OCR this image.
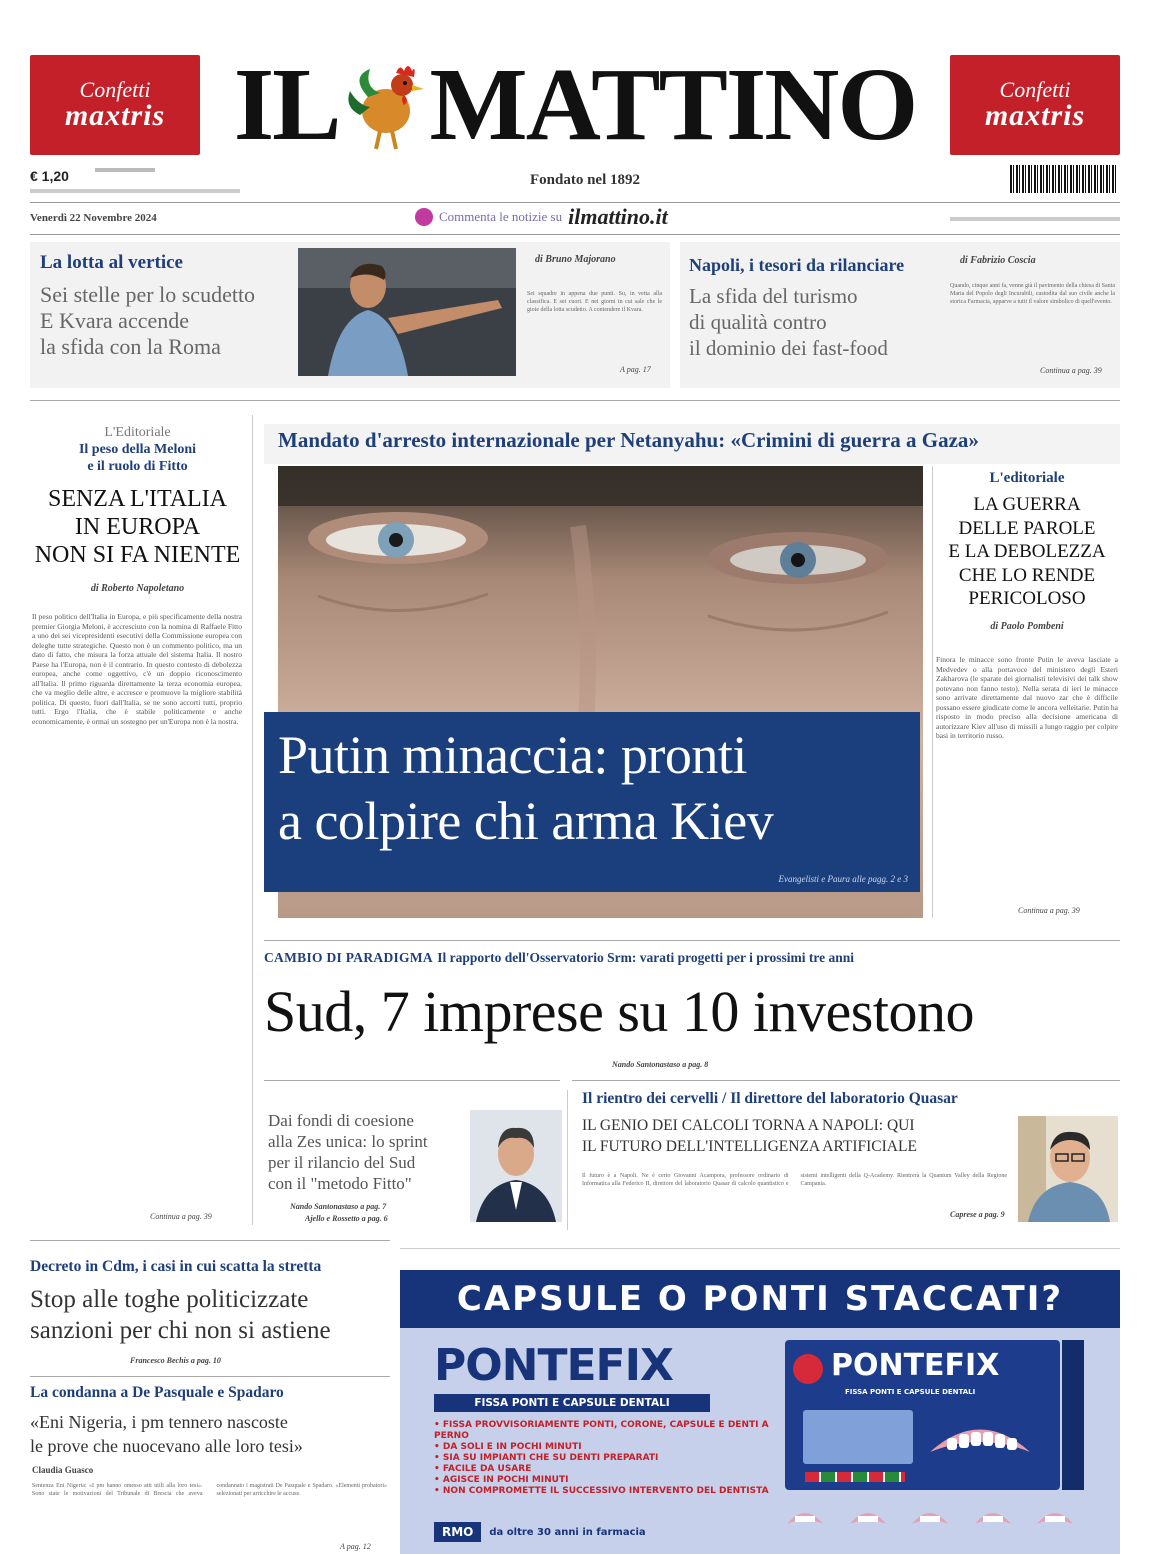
Confetti
maxtris
Confetti
maxtris
IL MATTINO
€ 1,20	Fondato nel 1892
Venerdì 22 Novembre 2024	Commenta le notizie su ilmattino.it
La lotta al vertice
Sei stelle per lo scudetto
E Kvara accende
la sfida con la Roma
di Bruno Majorano
Sei squadre in appena due punti. Su, in vetta alla classifica. E sei cuori. E nei giorni in cui sale che le gioie della lotta scudetto. A contendere il Kvara.
A pag. 17
Napoli, i tesori da rilanciare
La sfida del turismo
di qualità contro
il dominio dei fast-food
di Fabrizio Coscia
Quando, cinque anni fa, venne già il pavimento della chiesa di Santa Maria del Popolo degli Incurabili, custodita dal suo civile anche la storica Farmacia, apparve a tutti il valore simbolico di quell'evento.
Continua a pag. 39
L'Editoriale
Il peso della Meloni
e il ruolo di Fitto
SENZA L'ITALIA
IN EUROPA
NON SI FA NIENTE
di Roberto Napoletano
Il peso politico dell'Italia in Europa, e più specificamente della nostra premier Giorgia Meloni, è accresciuto con la nomina di Raffaele Fitto a uno dei sei vicepresidenti esecutivi della Commissione europea con deleghe tutte strategiche. Questo non è un commento politico, ma un dato di fatto, che misura la forza attuale del sistema Italia. Il nostro Paese ha l'Europa, non è il contrario. In questo contesto di debolezza europea, anche come oggettivo, c'è un doppio riconoscimento all'Italia. Il primo riguarda direttamente la terza economia europea, che va meglio delle altre, e accresce e promuove la migliore stabilità politica. Di questo, fuori dall'Italia, se ne sono accorti tutti, proprio tutti. Ergo l'Italia, che è stabile politicamente e anche economicamente, è ormai un sostegno per un'Europa non è la nostra.
Continua a pag. 39
Mandato d'arresto internazionale per Netanyahu: «Crimini di guerra a Gaza»
Putin minaccia: pronti
a colpire chi arma Kiev
Evangelisti e Paura alle pagg. 2 e 3
L'editoriale
LA GUERRA
DELLE PAROLE
E LA DEBOLEZZA
CHE LO RENDE
PERICOLOSO
di Paolo Pombeni
Finora le minacce sono fronte Putin le aveva lasciate a Medvedev o alla portavoce del ministero degli Esteri Zakharova (le sparate dei giornalisti televisivi dei talk show potevano non fanno testo). Nella serata di ieri le minacce sono arrivate direttamente dal nuovo zar che è difficile possano essere giudicate come le ancora velleitarie. Putin ha risposto in modo preciso alla decisione americana di autorizzare Kiev all'uso di missili a lungo raggio per colpire basi in territorio russo.
Continua a pag. 39
CAMBIO DI PARADIGMA Il rapporto dell'Osservatorio Srm: varati progetti per i prossimi tre anni
Sud, 7 imprese su 10 investono
Nando Santonastaso a pag. 8
Dai fondi di coesione
alla Zes unica: lo sprint
per il rilancio del Sud
con il "metodo Fitto"
Nando Santonastaso a pag. 7
Ajello e Rossetto a pag. 6
Il rientro dei cervelli / Il direttore del laboratorio Quasar
IL GENIO DEI CALCOLI TORNA A NAPOLI: QUI
IL FUTURO DELL'INTELLIGENZA ARTIFICIALE
Il futuro è a Napoli. Ne è certo Giovanni Acampora, professore ordinario di Informatica alla Federico II, direttore del laboratorio Quasar di calcolo quantistico e sistemi intelligenti della Q-Academy. Rientrerà la Quantum Valley della Regione Campania.
Caprese a pag. 9
Decreto in Cdm, i casi in cui scatta la stretta
Stop alle toghe politicizzate
sanzioni per chi non si astiene
Francesco Bechis a pag. 10
La condanna a De Pasquale e Spadaro
«Eni Nigeria, i pm tennero nascoste
le prove che nuocevano alle loro tesi»
Claudia Guasco
Sentenza Eni Nigeria: «I pm hanno omesso atti utili alla loro tesi». Sono state le motivazioni del Tribunale di Brescia che aveva condannato i magistrati De Pasquale e Spadaro. «Elementi probatori» selezionati per arricchire le accuse.
A pag. 12
CAPSULE O PONTI STACCATI?
PONTEFIX
FISSA PONTI E CAPSULE DENTALI
• FISSA PROVVISORIAMENTE PONTI, CORONE, CAPSULE E DENTI A PERNO
• DA SOLI E IN POCHI MINUTI
• SIA SU IMPIANTI CHE SU DENTI PREPARATI
• FACILE DA USARE
• AGISCE IN POCHI MINUTI
• NON COMPROMETTE IL SUCCESSIVO INTERVENTO DEL DENTISTA
RMO	da oltre 30 anni in farmacia
PONTEFIX
FISSA PONTI E CAPSULE DENTALI
